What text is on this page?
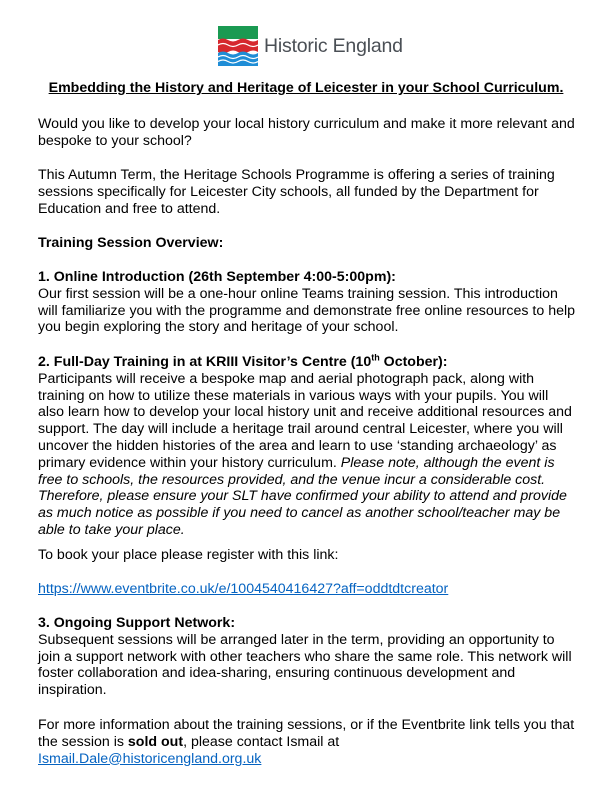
Historic England
Embedding the History and Heritage of Leicester in your School Curriculum.

Would you like to develop your local history curriculum and make it more relevant and bespoke to your school?

This Autumn Term, the Heritage Schools Programme is offering a series of training sessions specifically for Leicester City schools, all funded by the Department for Education and free to attend.

Training Session Overview:

1. Online Introduction (26th September 4:00-5:00pm):
Our first session will be a one-hour online Teams training session. This introduction will familiarize you with the programme and demonstrate free online resources to help you begin exploring the story and heritage of your school.
2. Full-Day Training in at KRIII Visitor’s Centre (10th October):
Participants will receive a bespoke map and aerial photograph pack, along with training on how to utilize these materials in various ways with your pupils. You will also learn how to develop your local history unit and receive additional resources and support. The day will include a heritage trail around central Leicester, where you will uncover the hidden histories of the area and learn to use ‘standing archaeology’ as primary evidence within your history curriculum. Please note, although the event is free to schools, the resources provided, and the venue incur a considerable cost. Therefore, please ensure your SLT have confirmed your ability to attend and provide as much notice as possible if you need to cancel as another school/teacher may be able to take your place.

To book your place please register with this link:

https://www.eventbrite.co.uk/e/1004540416427?aff=oddtdtcreator

3. Ongoing Support Network:
Subsequent sessions will be arranged later in the term, providing an opportunity to join a support network with other teachers who share the same role. This network will foster collaboration and idea-sharing, ensuring continuous development and inspiration.
For more information about the training sessions, or if the Eventbrite link tells you that the session is sold out, please contact Ismail at
Ismail.Dale@historicengland.org.uk
